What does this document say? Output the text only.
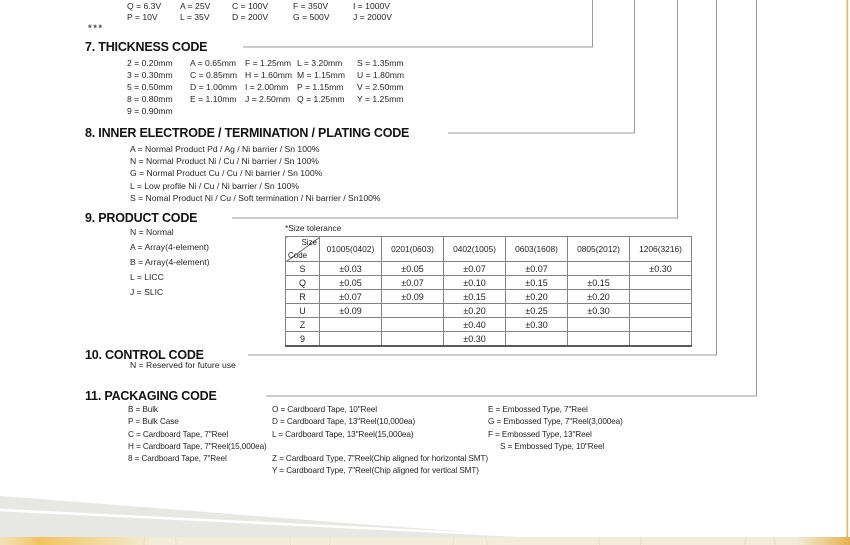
Q = 6.3V	A = 25V	C = 100V	F = 350V	I = 1000V
P = 10V	L = 35V	D = 200V	G = 500V	J = 2000V
***
7. THICKNESS CODE
2 = 0.20mm	A = 0.65mm	F = 1.25mm L = 3.20mm	S = 1.35mm
3 = 0.30mm	C = 0.85mm H = 1.60mm M = 1.15mm	U = 1.80mm
5 = 0.50mm	D = 1.00mm I = 2.00mm	P = 1.15mm	V = 2.50mm
8 = 0.80mm	E = 1.10mm J = 2.50mm Q = 1.25mm	Y = 1.25mm
9 = 0.90mm
8. INNER ELECTRODE / TERMINATION / PLATING CODE
A = Normal Product Pd / Ag / Ni barrier / Sn 100%
N = Normal Product Ni / Cu / Ni barrier / Sn 100%
G = Normal Product Cu / Cu / Ni barrier / Sn 100%
L = Low profile Ni / Cu / Ni barrier / Sn 100%
S = Nomal Product Ni / Cu / Soft termination / Ni barrier / Sn100%
9. PRODUCT CODE
N = Normal
A = Array(4-element)
B = Array(4-element)
L = LICC
J = SLIC
*Size tolerance
Size
Code	01005(0402)	0201(0603)	0402(1005)	0603(1608)	0805(2012)	1206(3216)
S	±0.03	±0.05	±0.07	±0.07		±0.30
Q	±0.05	±0.07	±0.10	±0.15	±0.15	
R	±0.07	±0.09	±0.15	±0.20	±0.20	
U	±0.09		±0.20	±0.25	±0.30	
Z			±0.40	±0.30		
9			±0.30			
10. CONTROL CODE
N = Reserved for future use
11. PACKAGING CODE
B = Bulk
P = Bulk Case
C = Cardboard Tape, 7"Reel
H = Cardboard Tape, 7"Reel(15,000ea)
8 = Cardboard Tape, 7"Reel
O = Cardboard Tape, 10"Reel
D = Cardboard Tape, 13"Reel(10,000ea)
L = Cardboard Tape, 13"Reel(15,000ea)
Z = Cardboard Type, 7"Reel(Chip aligned for horizontal SMT)
Y = Cardboard Type, 7"Reel(Chip aligned for vertical SMT)
E = Embossed Type, 7"Reel
G = Embossed Type, 7"Reel(3,000ea)
F = Embossed Type, 13"Reel
S = Embossed Type, 10"Reel
